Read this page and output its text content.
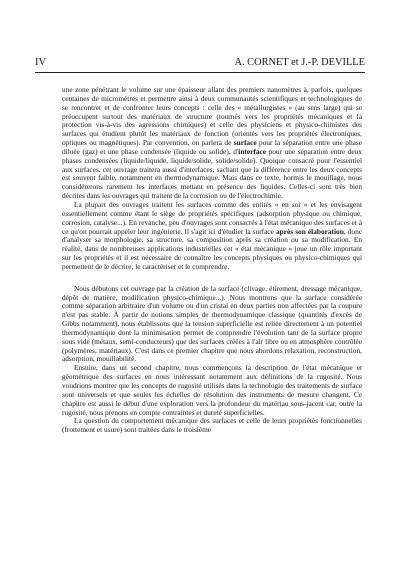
IV	A. CORNET et J.-P. DEVILLE

une zone pénétrant le volume sur une épaisseur allant des premiers nanomètres à, parfois, quelques centaines de micromètres et permettre ainsi à deux communautés scientifiques et technologiques de se rencontrer et de confronter leurs concepts : celle des « métallurgistes » (au sens large) qui se préoccupent surtout des matériaux de structure (tournés vers les propriétés mécaniques et la protection vis-à-vis des agressions chimiques) et celle des physiciens et physico-chimistes des surfaces qui étudient plutôt les matériaux de fonction (orientés vers les propriétés électroniques, optiques ou magnétiques). Par convention, on parlera de surface pour la séparation entre une phase diluée (gaz) et une phase condensée (liquide ou solide), d'interface pour une séparation entre deux phases condensées (liquide/liquide, liquide/solide, solide/solide). Quoique consacré pour l'essentiel aux surfaces, cet ouvrage traitera aussi d'interfaces, sachant que la différence entre les deux concepts est souvent faible, notamment en thermodynamique. Mais dans ce texte, hormis le mouillage, nous considérerons rarement les interfaces mettant en présence des liquides. Celles-ci sont très bien décrites dans les ouvrages qui traitent de la corrosion ou de l'électrochimie.

La plupart des ouvrages traitent les surfaces comme des entités « en soi » et les envisagent essentiellement comme étant le siège de propriétés spécifiques (adsorption physique ou chimique, corrosion, catalyse...). En revanche, peu d'ouvrages sont consacrés à l'état mécanique des surfaces et à ce qu'on pourrait appeler leur ingénierie. Il s'agit ici d'étudier la surface après son élaboration, donc d'analyser sa morphologie, sa structure, sa composition après sa création ou sa modification. En réalité, dans de nombreuses applications industrielles cet « état mécanique » joue un rôle important sur les propriétés et il est nécessaire de connaître les concepts physiques ou physico-chimiques qui permettent de le décrire, le caractériser et le comprendre.

Nous débutons cet ouvrage par la création de la surface (clivage, étirement, dressage mécanique, dépôt de matière, modification physico-chimique...). Nous montrons que la surface considérée comme séparation arbitraire d'un volume ou d'un cristal en deux parties non affectées par la coupure n'est pas stable. À partir de notions simples de thermodynamique classique (quantités d'excès de Gibbs notamment), nous établissons que la tension superficielle est reliée directement à un potentiel thermodynamique dont la minimisation permet de comprendre l'évolution tant de la surface propre sous vide (métaux, semi-conducteurs) que des surfaces créées à l'air libre ou en atmosphère contrôlée (polymères, matériaux). C'est dans ce premier chapitre que nous abordons relaxation, reconstruction, adsorption, mouillabilité.

Ensuite, dans un second chapitre, nous commençons la description de l'état mécanique et géométrique des surfaces en nous intéressant notamment aux définitions de la rugosité. Nous voudrions montrer que les concepts de rugosité utilisés dans la technologie des traitements de surface sont universels et que seules les échelles de résolution des instruments de mesure changent. Ce chapitre est aussi le début d'une exploration vers la profondeur du matériau sous-jacent car, outre la rugosité, nous prenons en compte contraintes et dureté superficielles.

La question du comportement mécanique des surfaces et celle de leurs propriétés fonctionnelles (frottement et usure) sont traitées dans le troisième
